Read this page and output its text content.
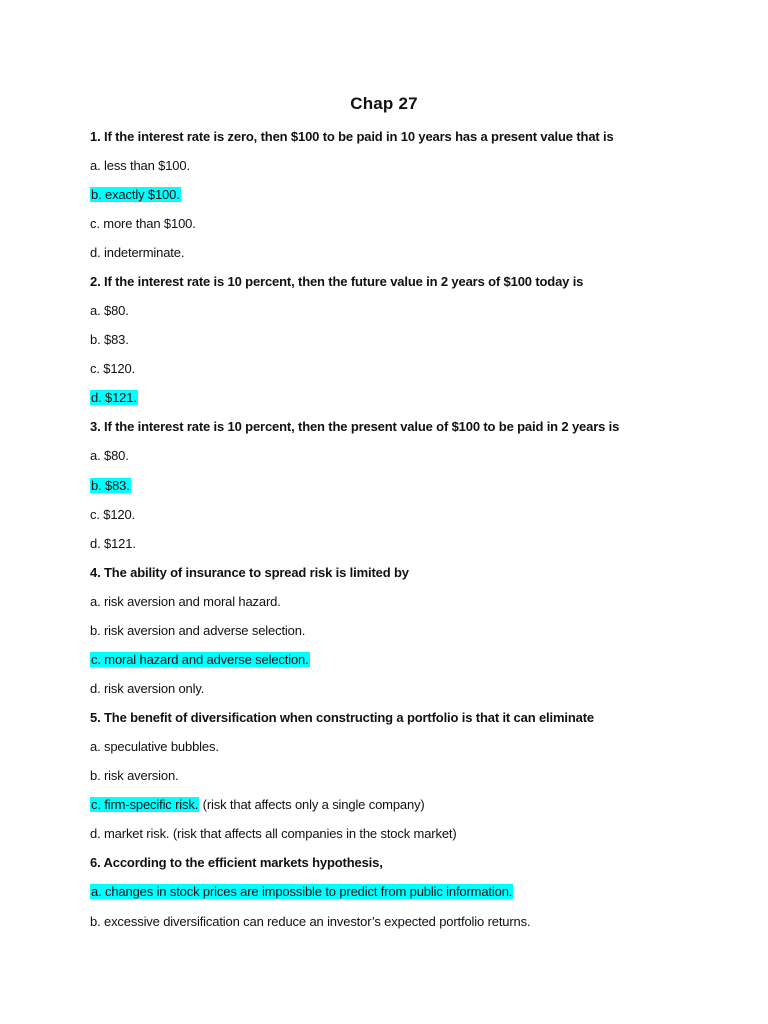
Chap 27
1. If the interest rate is zero, then $100 to be paid in 10 years has a present value that is
a. less than $100.
b. exactly $100.
c. more than $100.
d. indeterminate.
2. If the interest rate is 10 percent, then the future value in 2 years of $100 today is
a. $80.
b. $83.
c. $120.
d. $121.
3. If the interest rate is 10 percent, then the present value of $100 to be paid in 2 years is
a. $80.
b. $83.
c. $120.
d. $121.
4. The ability of insurance to spread risk is limited by
a. risk aversion and moral hazard.
b. risk aversion and adverse selection.
c. moral hazard and adverse selection.
d. risk aversion only.
5. The benefit of diversification when constructing a portfolio is that it can eliminate
a. speculative bubbles.
b. risk aversion.
c. firm-specific risk. (risk that affects only a single company)
d. market risk. (risk that affects all companies in the stock market)
6. According to the efficient markets hypothesis,
a. changes in stock prices are impossible to predict from public information.
b. excessive diversification can reduce an investor’s expected portfolio returns.
